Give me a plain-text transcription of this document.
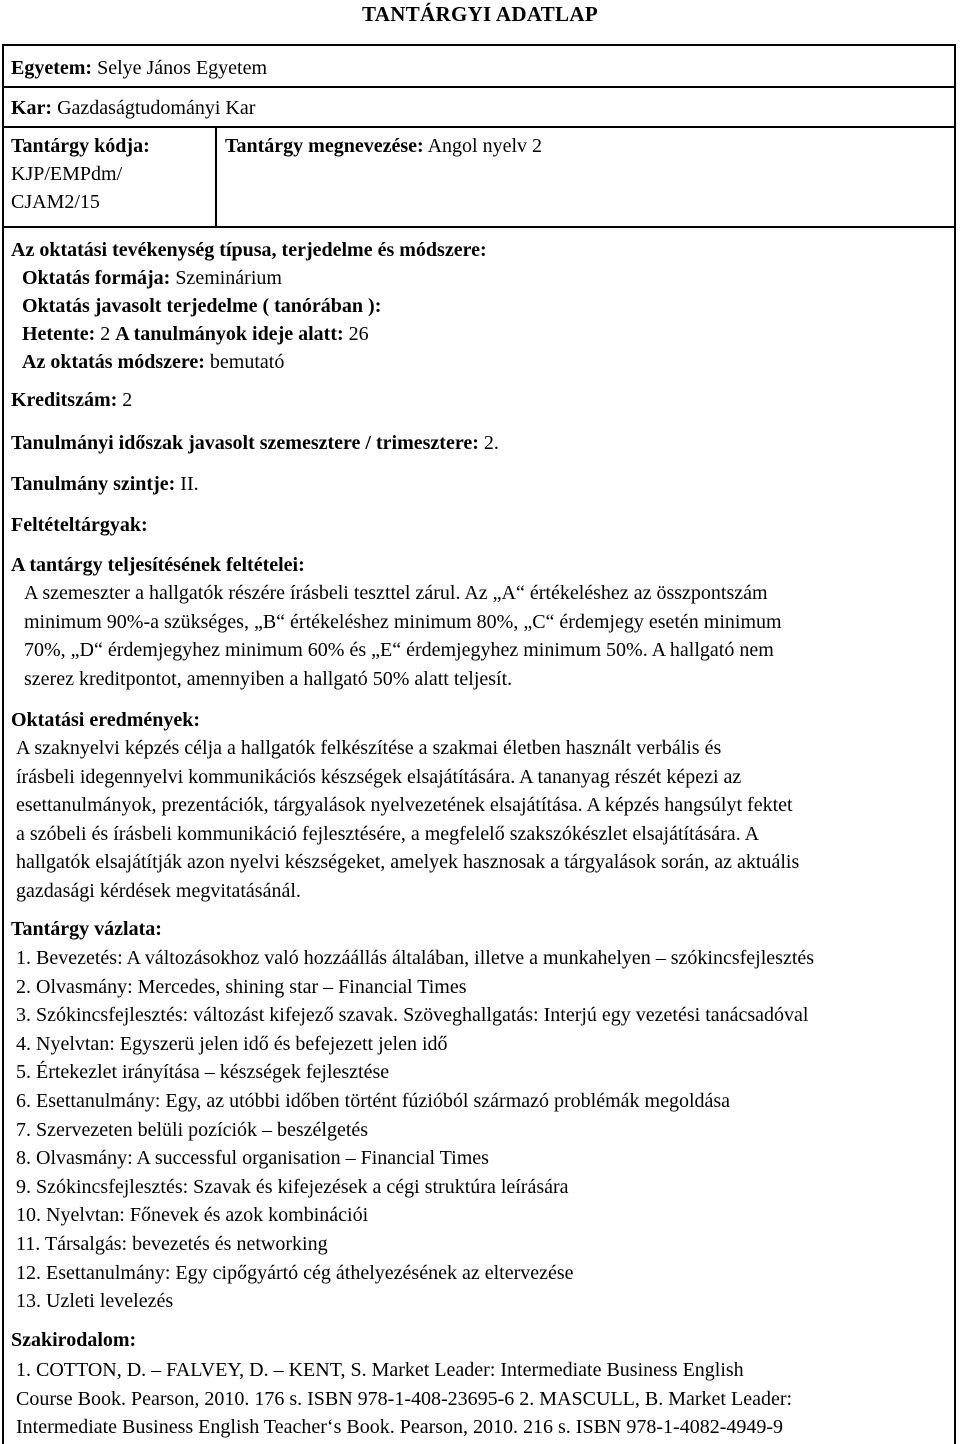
TANTÁRGYI ADATLAP
Egyetem: Selye János Egyetem
Kar: Gazdaságtudományi Kar
Tantárgy kódja:
KJP/EMPdm/
CJAM2/15
Tantárgy megnevezése: Angol nyelv 2
Az oktatási tevékenység típusa, terjedelme és módszere:
Oktatás formája: Szeminárium
Oktatás javasolt terjedelme ( tanórában ):
Hetente: 2 A tanulmányok ideje alatt: 26
Az oktatás módszere: bemutató
Kreditszám: 2
Tanulmányi időszak javasolt szemesztere / trimesztere: 2.
Tanulmány szintje: II.
Feltételtárgyak:
A tantárgy teljesítésének feltételei:
A szemeszter a hallgatók részére írásbeli teszttel zárul. Az „A“ értékeléshez az összpontszám
minimum 90%-a szükséges, „B“ értékeléshez minimum 80%, „C“ érdemjegy esetén minimum
70%, „D“ érdemjegyhez minimum 60% és „E“ érdemjegyhez minimum 50%. A hallgató nem
szerez kreditpontot, amennyiben a hallgató 50% alatt teljesít.
Oktatási eredmények:
A szaknyelvi képzés célja a hallgatók felkészítése a szakmai életben használt verbális és
írásbeli idegennyelvi kommunikációs készségek elsajátítására. A tananyag részét képezi az
esettanulmányok, prezentációk, tárgyalások nyelvezetének elsajátítása. A képzés hangsúlyt fektet
a szóbeli és írásbeli kommunikáció fejlesztésére, a megfelelő szakszókészlet elsajátítására. A
hallgatók elsajátítják azon nyelvi készségeket, amelyek hasznosak a tárgyalások során, az aktuális
gazdasági kérdések megvitatásánál.
Tantárgy vázlata:
1. Bevezetés: A változásokhoz való hozzáállás általában, illetve a munkahelyen – szókincsfejlesztés
2. Olvasmány: Mercedes, shining star – Financial Times
3. Szókincsfejlesztés: változást kifejező szavak. Szöveghallgatás: Interjú egy vezetési tanácsadóval
4. Nyelvtan: Egyszerü jelen idő és befejezett jelen idő
5. Értekezlet irányítása – készségek fejlesztése
6. Esettanulmány: Egy, az utóbbi időben történt fúzióból származó problémák megoldása
7. Szervezeten belüli pozíciók – beszélgetés
8. Olvasmány: A successful organisation – Financial Times
9. Szókincsfejlesztés: Szavak és kifejezések a cégi struktúra leírására
10. Nyelvtan: Főnevek és azok kombinációi
11. Társalgás: bevezetés és networking
12. Esettanulmány: Egy cipőgyártó cég áthelyezésének az eltervezése
13. Uzleti levelezés
Szakirodalom:
1. COTTON, D. – FALVEY, D. – KENT, S. Market Leader: Intermediate Business English
Course Book. Pearson, 2010. 176 s. ISBN 978-1-408-23695-6 2. MASCULL, B. Market Leader:
Intermediate Business English Teacher‘s Book. Pearson, 2010. 216 s. ISBN 978-1-4082-4949-9
